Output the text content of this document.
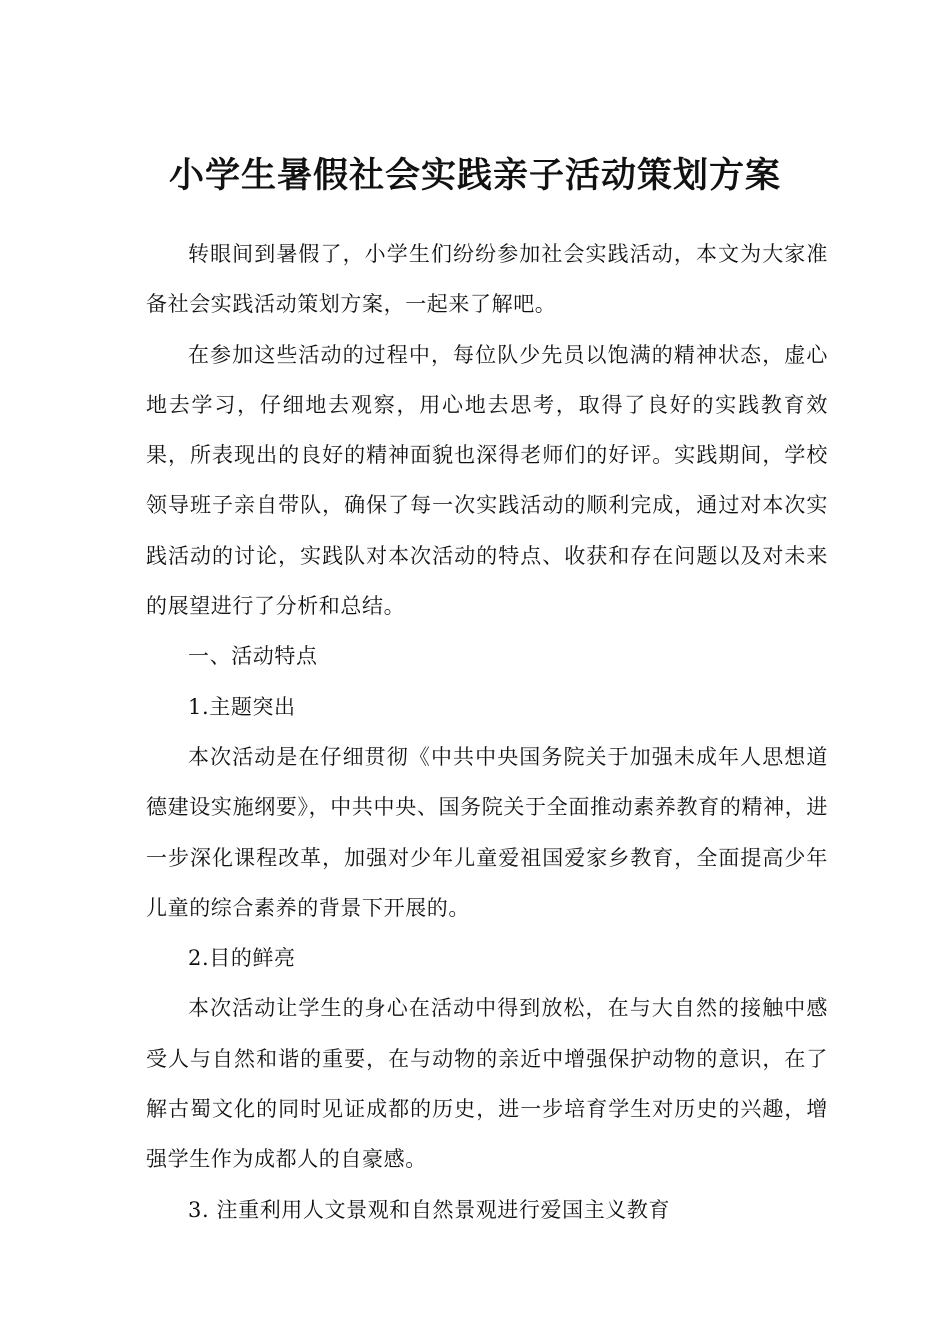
小学生暑假社会实践亲子活动策划方案

转眼间到暑假了，小学生们纷纷参加社会实践活动，本文为大家准备社会实践活动策划方案，一起来了解吧。

在参加这些活动的过程中，每位队少先员以饱满的精神状态，虚心地去学习，仔细地去观察，用心地去思考，取得了良好的实践教育效果，所表现出的良好的精神面貌也深得老师们的好评。实践期间，学校领导班子亲自带队，确保了每一次实践活动的顺利完成，通过对本次实践活动的讨论，实践队对本次活动的特点、收获和存在问题以及对未来的展望进行了分析和总结。

一、活动特点

1.主题突出

本次活动是在仔细贯彻《中共中央国务院关于加强未成年人思想道德建设实施纲要》，中共中央、国务院关于全面推动素养教育的精神，进一步深化课程改革，加强对少年儿童爱祖国爱家乡教育，全面提高少年儿童的综合素养的背景下开展的。

2.目的鲜亮

本次活动让学生的身心在活动中得到放松，在与大自然的接触中感受人与自然和谐的重要，在与动物的亲近中增强保护动物的意识，在了解古蜀文化的同时见证成都的历史，进一步培育学生对历史的兴趣，增强学生作为成都人的自豪感。

3. 注重利用人文景观和自然景观进行爱国主义教育
